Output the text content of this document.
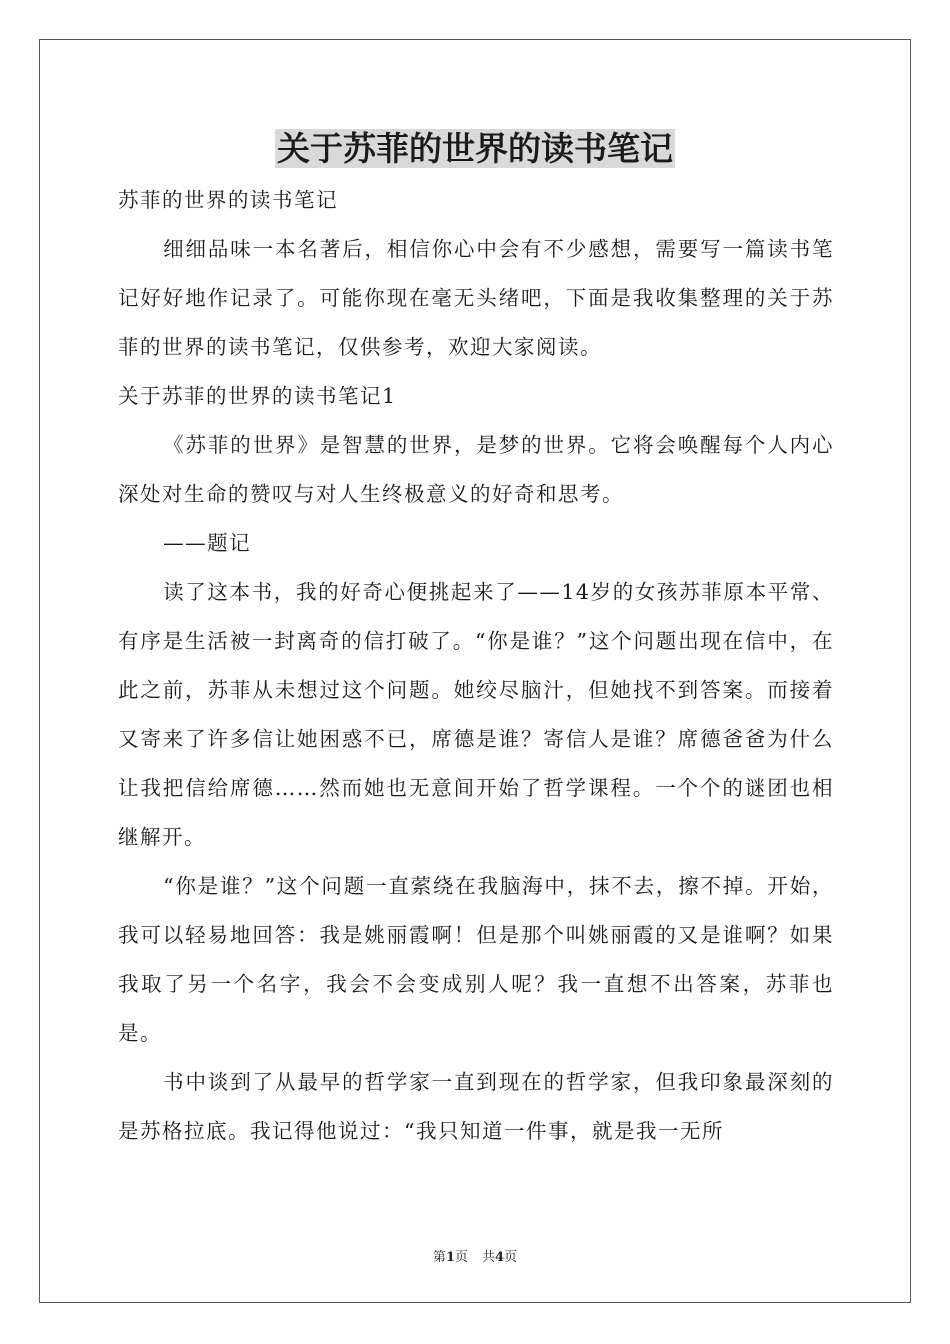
关于苏菲的世界的读书笔记

苏菲的世界的读书笔记

细细品味一本名著后，相信你心中会有不少感想，需要写一篇读书笔记好好地作记录了。可能你现在毫无头绪吧，下面是我收集整理的关于苏菲的世界的读书笔记，仅供参考，欢迎大家阅读。

关于苏菲的世界的读书笔记1

《苏菲的世界》是智慧的世界，是梦的世界。它将会唤醒每个人内心深处对生命的赞叹与对人生终极意义的好奇和思考。

——题记

读了这本书，我的好奇心便挑起来了——14岁的女孩苏菲原本平常、有序是生活被一封离奇的信打破了。“你是谁？”这个问题出现在信中，在此之前，苏菲从未想过这个问题。她绞尽脑汁，但她找不到答案。而接着又寄来了许多信让她困惑不已，席德是谁？寄信人是谁？席德爸爸为什么让我把信给席德……然而她也无意间开始了哲学课程。一个个的谜团也相继解开。

“你是谁？”这个问题一直萦绕在我脑海中，抹不去，擦不掉。开始，我可以轻易地回答：我是姚丽霞啊！但是那个叫姚丽霞的又是谁啊？如果我取了另一个名字，我会不会变成别人呢？我一直想不出答案，苏菲也是。

书中谈到了从最早的哲学家一直到现在的哲学家，但我印象最深刻的是苏格拉底。我记得他说过：“我只知道一件事，就是我一无所

第1页 共4页
